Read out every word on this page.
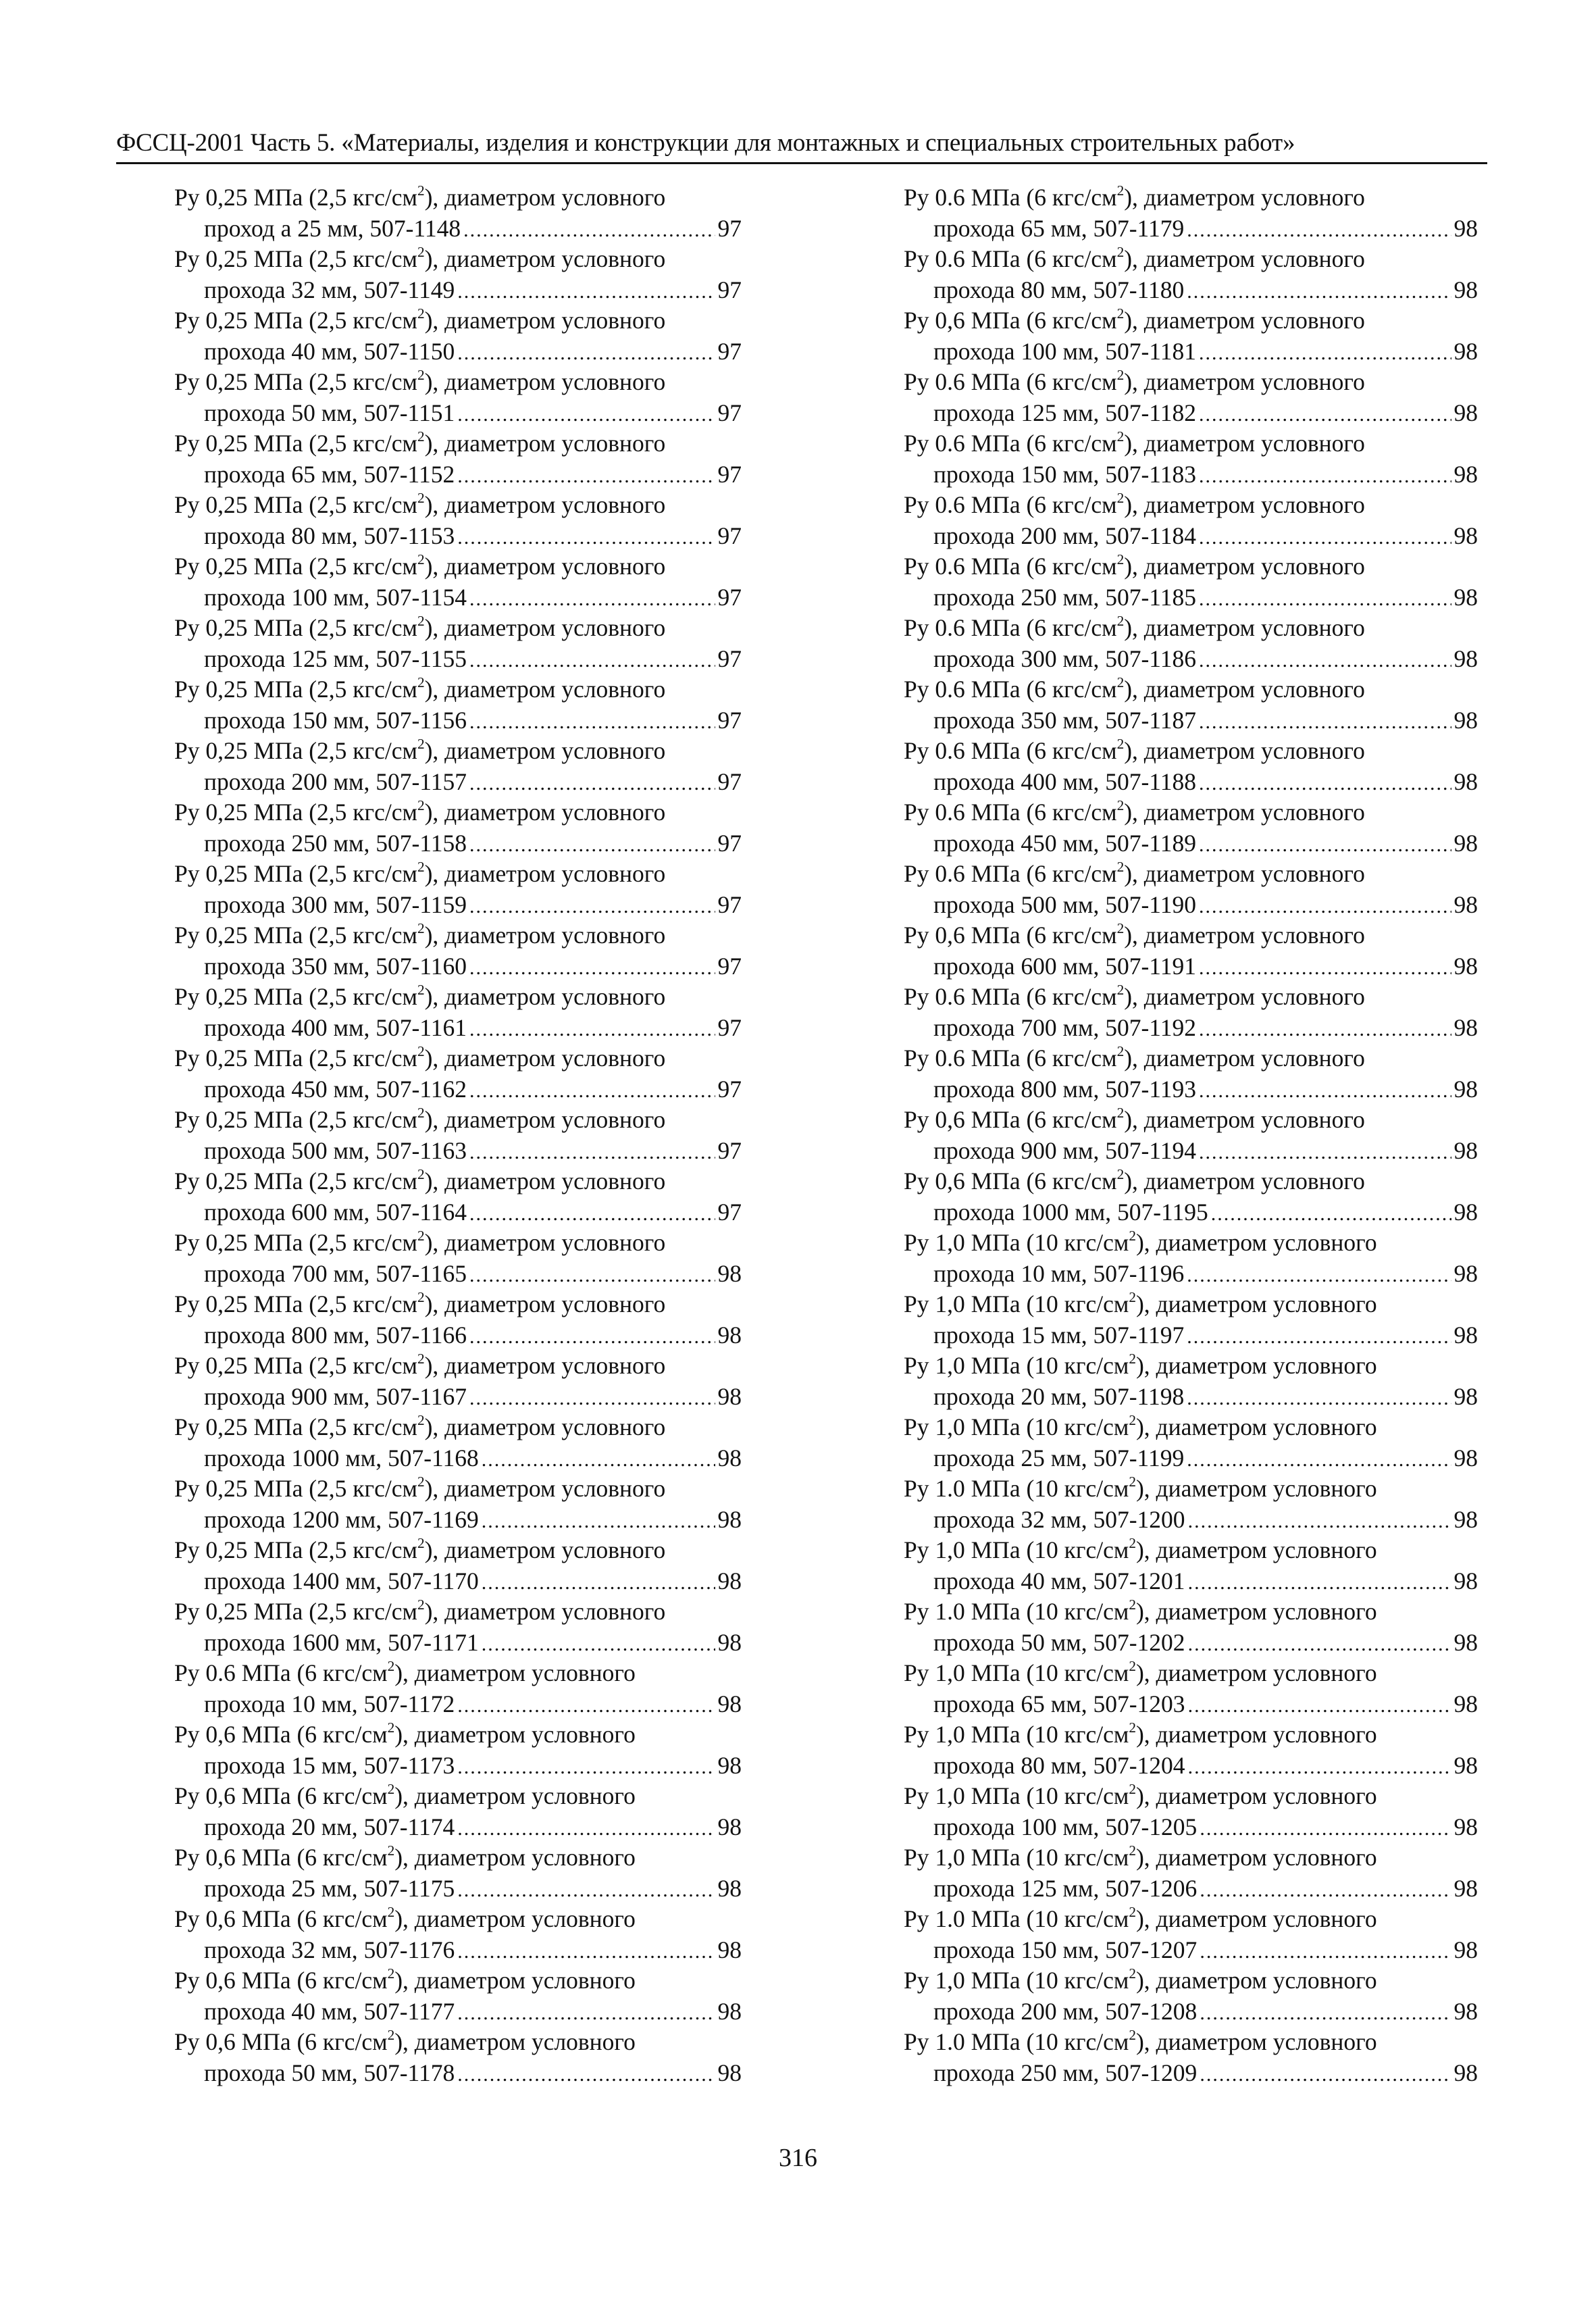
ФССЦ-2001 Часть 5. «Материалы, изделия и конструкции для монтажных и специальных строительных работ»
Ру 0,25 МПа (2,5 кгс/$см^2$), диаметром условного
проход а 25 мм, 507-1148 .....	97
Ру 0,25 МПа (2,5 кгс/$см^2$), диаметром условного
прохода 32 мм, 507-1149 .....	97
Ру 0,25 МПа (2,5 кгс/$см^2$), диаметром условного
прохода 40 мм, 507-1150 .....	97
Ру 0,25 МПа (2,5 кгс/$см^2$), диаметром условного
прохода 50 мм, 507-1151 .....	97
Ру 0,25 МПа (2,5 кгс/$см^2$), диаметром условного
прохода 65 мм, 507-1152 .....	97
Ру 0,25 МПа (2,5 кгс/$см^2$), диаметром условного
прохода 80 мм, 507-1153 .....	97
Ру 0,25 МПа (2,5 кгс/$см^2$), диаметром условного
прохода 100 мм, 507-1154 .....	97
Ру 0,25 МПа (2,5 кгс/$см^2$), диаметром условного
прохода 125 мм, 507-1155 .....	97
Ру 0,25 МПа (2,5 кгс/$см^2$), диаметром условного
прохода 150 мм, 507-1156 .....	97
Ру 0,25 МПа (2,5 кгс/$см^2$), диаметром условного
прохода 200 мм, 507-1157 .....	97
Ру 0,25 МПа (2,5 кгс/$см^2$), диаметром условного
прохода 250 мм, 507-1158 .....	97
Ру 0,25 МПа (2,5 кгс/$см^2$), диаметром условного
прохода 300 мм, 507-1159 .....	97
Ру 0,25 МПа (2,5 кгс/$см^2$), диаметром условного
прохода 350 мм, 507-1160 .....	97
Ру 0,25 МПа (2,5 кгс/$см^2$), диаметром условного
прохода 400 мм, 507-1161 .....	97
Ру 0,25 МПа (2,5 кгс/$см^2$), диаметром условного
прохода 450 мм, 507-1162 .....	97
Ру 0,25 МПа (2,5 кгс/$см^2$), диаметром условного
прохода 500 мм, 507-1163 .....	97
Ру 0,25 МПа (2,5 кгс/$см^2$), диаметром условного
прохода 600 мм, 507-1164 .....	97
Ру 0,25 МПа (2,5 кгс/$см^2$), диаметром условного
прохода 700 мм, 507-1165 .....	98
Ру 0,25 МПа (2,5 кгс/$см^2$), диаметром условного
прохода 800 мм, 507-1166 .....	98
Ру 0,25 МПа (2,5 кгс/$см^2$), диаметром условного
прохода 900 мм, 507-1167 .....	98
Ру 0,25 МПа (2,5 кгс/$см^2$), диаметром условного
прохода 1000 мм, 507-1168 .....	98
Ру 0,25 МПа (2,5 кгс/$см^2$), диаметром условного
прохода 1200 мм, 507-1169 .....	98
Ру 0,25 МПа (2,5 кгс/$см^2$), диаметром условного
прохода 1400 мм, 507-1170 .....	98
Ру 0,25 МПа (2,5 кгс/$см^2$), диаметром условного
прохода 1600 мм, 507-1171 .....	98
Ру 0.6 МПа (6 кгс/$см^2$), диаметром условного
прохода 10 мм, 507-1172 .....	98
Ру 0,6 МПа (6 кгс/$см^2$), диаметром условного
прохода 15 мм, 507-1173 .....	98
Ру 0,6 МПа (6 кгс/$см^2$), диаметром условного
прохода 20 мм, 507-1174 .....	98
Ру 0,6 МПа (6 кгс/$см^2$), диаметром условного
прохода 25 мм, 507-1175 .....	98
Ру 0,6 МПа (6 кгс/$см^2$), диаметром условного
прохода 32 мм, 507-1176 .....	98
Ру 0,6 МПа (6 кгс/$см^2$), диаметром условного
прохода 40 мм, 507-1177 .....	98
Ру 0,6 МПа (6 кгс/$см^2$), диаметром условного
прохода 50 мм, 507-1178 .....	98
Ру 0.6 МПа (6 кгс/$см^2$), диаметром условного
прохода 65 мм, 507-1179 .....	98
Ру 0.6 МПа (6 кгс/$см^2$), диаметром условного
прохода 80 мм, 507-1180 .....	98
Ру 0,6 МПа (6 кгс/$см^2$), диаметром условного
прохода 100 мм, 507-1181 .....	98
Ру 0.6 МПа (6 кгс/$см^2$), диаметром условного
прохода 125 мм, 507-1182 .....	98
Ру 0.6 МПа (6 кгс/$см^2$), диаметром условного
прохода 150 мм, 507-1183 .....	98
Ру 0.6 МПа (6 кгс/$см^2$), диаметром условного
прохода 200 мм, 507-1184 .....	98
Ру 0.6 МПа (6 кгс/$см^2$), диаметром условного
прохода 250 мм, 507-1185 .....	98
Ру 0.6 МПа (6 кгс/$см^2$), диаметром условного
прохода 300 мм, 507-1186 .....	98
Ру 0.6 МПа (6 кгс/$см^2$), диаметром условного
прохода 350 мм, 507-1187 .....	98
Ру 0.6 МПа (6 кгс/$см^2$), диаметром условного
прохода 400 мм, 507-1188 .....	98
Ру 0.6 МПа (6 кгс/$см^2$), диаметром условного
прохода 450 мм, 507-1189 .....	98
Ру 0.6 МПа (6 кгс/$см^2$), диаметром условного
прохода 500 мм, 507-1190 .....	98
Ру 0,6 МПа (6 кгс/$см^2$), диаметром условного
прохода 600 мм, 507-1191 .....	98
Ру 0.6 МПа (6 кгс/$см^2$), диаметром условного
прохода 700 мм, 507-1192 .....	98
Ру 0.6 МПа (6 кгс/$см^2$), диаметром условного
прохода 800 мм, 507-1193 .....	98
Ру 0,6 МПа (6 кгс/$см^2$), диаметром условного
прохода 900 мм, 507-1194 .....	98
Ру 0,6 МПа (6 кгс/$см^2$), диаметром условного
прохода 1000 мм, 507-1195 .....	98
Ру 1,0 МПа (10 кгс/$см^2$), диаметром условного
прохода 10 мм, 507-1196 .....	98
Ру 1,0 МПа (10 кгс/$см^2$), диаметром условного
прохода 15 мм, 507-1197 .....	98
Ру 1,0 МПа (10 кгс/$см^2$), диаметром условного
прохода 20 мм, 507-1198 .....	98
Ру 1,0 МПа (10 кгс/$см^2$), диаметром условного
прохода 25 мм, 507-1199 .....	98
Ру 1.0 МПа (10 кгс/$см^2$), диаметром условного
прохода 32 мм, 507-1200 .....	98
Ру 1,0 МПа (10 кгс/$см^2$), диаметром условного
прохода 40 мм, 507-1201 .....	98
Ру 1.0 МПа (10 кгс/$см^2$), диаметром условного
прохода 50 мм, 507-1202 .....	98
Ру 1,0 МПа (10 кгс/$см^2$), диаметром условного
прохода 65 мм, 507-1203 .....	98
Ру 1,0 МПа (10 кгс/$см^2$), диаметром условного
прохода 80 мм, 507-1204 .....	98
Ру 1,0 МПа (10 кгс/$см^2$), диаметром условного
прохода 100 мм, 507-1205 .....	98
Ру 1,0 МПа (10 кгс/$см^2$), диаметром условного
прохода 125 мм, 507-1206 .....	98
Ру 1.0 МПа (10 кгс/$см^2$), диаметром условного
прохода 150 мм, 507-1207 .....	98
Ру 1,0 МПа (10 кгс/$см^2$), диаметром условного
прохода 200 мм, 507-1208 .....	98
Ру 1.0 МПа (10 кгс/$см^2$), диаметром условного
прохода 250 мм, 507-1209 .....	98
316
